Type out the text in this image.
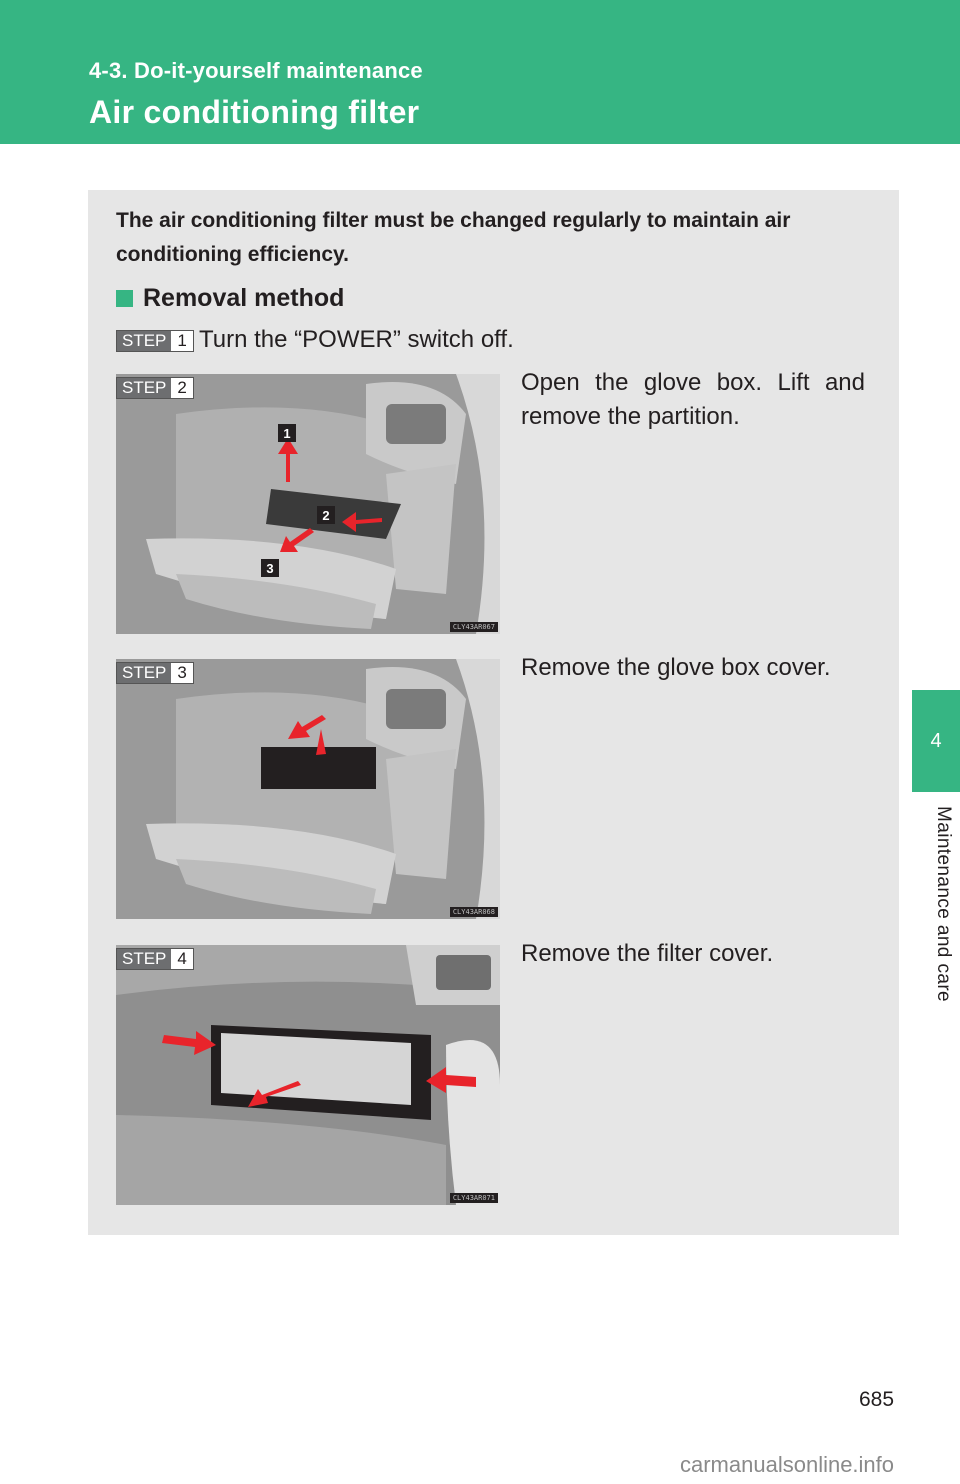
4-3. Do-it-yourself maintenance
Air conditioning filter
4
Maintenance and care
The air conditioning filter must be changed regularly to maintain air conditioning efficiency.
Removal method
STEP 1 Turn the “POWER” switch off.
1
2
3
CLY43AR067
STEP 2	Open the glove box. Lift and remove the partition.
CLY43AR068
STEP 3	Remove the glove box cover.
CLY43AR071
STEP 4	Remove the filter cover.
685
carmanualsonline.info
